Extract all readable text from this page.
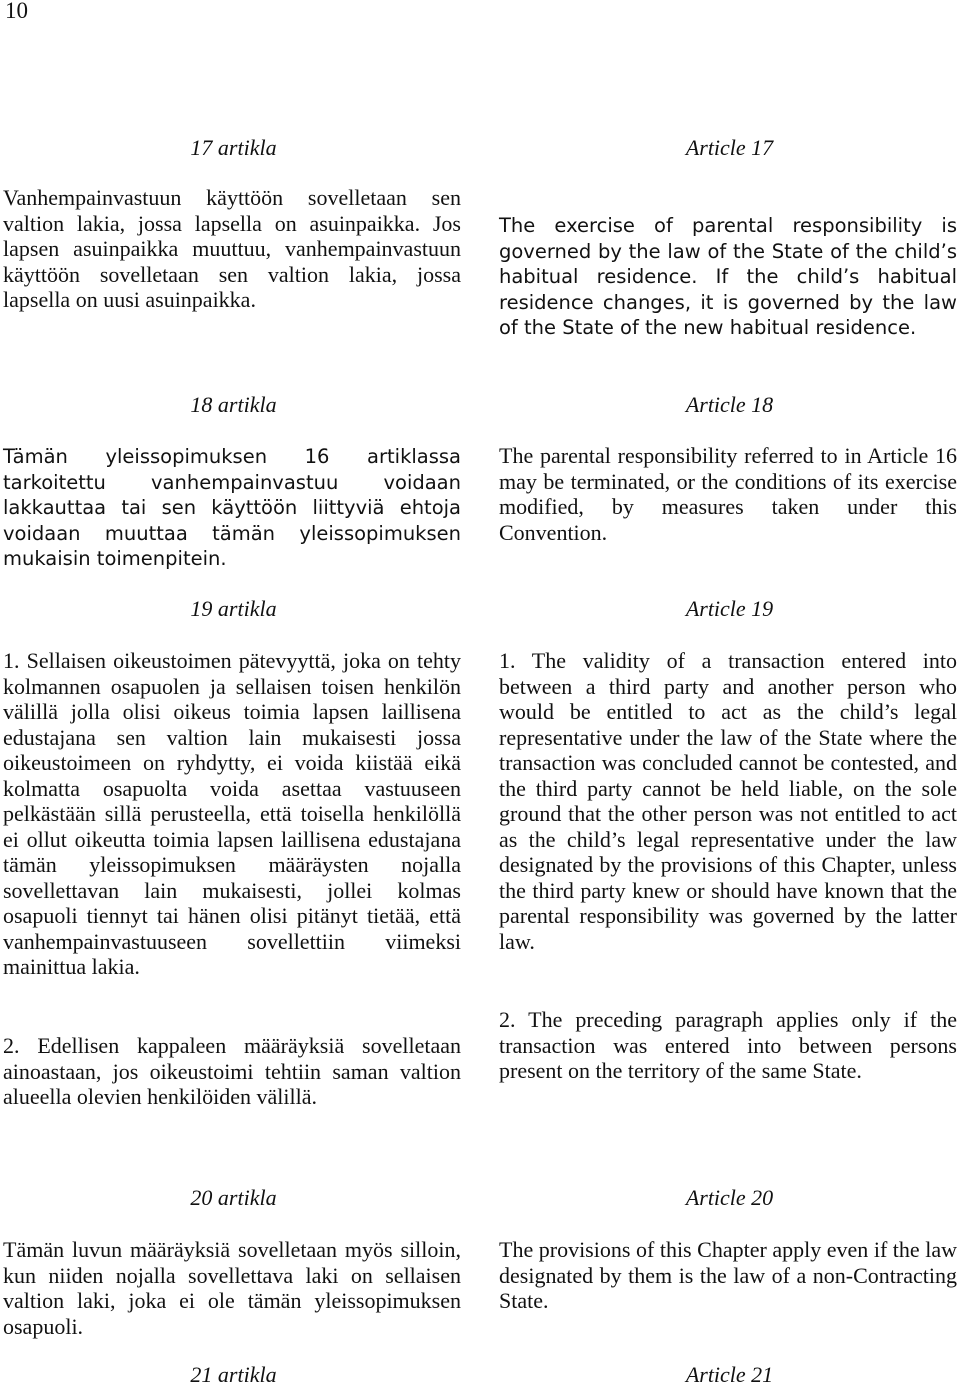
10
17 artikla

Vanhempainvastuun käyttöön sovelletaan sen valtion lakia, jossa lapsella on asuinpaikka. Jos lapsen asuinpaikka muuttuu, vanhempainvastuun käyttöön sovelletaan sen valtion lakia, jossa lapsella on uusi asuinpaikka.

Article 17

The exercise of parental responsibility is governed by the law of the State of the child’s habitual residence. If the child’s habitual residence changes, it is governed by the law of the State of the new habitual residence.

18 artikla

Tämän yleissopimuksen 16 artiklassa tarkoitettu vanhempainvastuu voidaan lakkauttaa tai sen käyttöön liittyviä ehtoja voidaan muuttaa tämän yleissopimuksen mukaisin toimenpitein.

Article 18

The parental responsibility referred to in Article 16 may be terminated, or the conditions of its exercise modified, by measures taken under this Convention.

19 artikla

1. Sellaisen oikeustoimen pätevyyttä, joka on tehty kolmannen osapuolen ja sellaisen toisen henkilön välillä jolla olisi oikeus toimia lapsen laillisena edustajana sen valtion lain mukaisesti jossa oikeustoimeen on ryhdytty, ei voida kiistää eikä kolmatta osapuolta voida asettaa vastuuseen pelkästään sillä perusteella, että toisella henkilöllä ei ollut oikeutta toimia lapsen laillisena edustajana tämän yleissopimuksen määräysten nojalla sovellettavan lain mukaisesti, jollei kolmas osapuoli tiennyt tai hänen olisi pitänyt tietää, että vanhempainvastuuseen sovellettiin viimeksi mainittua lakia.

2. Edellisen kappaleen määräyksiä sovelletaan ainoastaan, jos oikeustoimi tehtiin saman valtion alueella olevien henkilöiden välillä.

Article 19

1. The validity of a transaction entered into between a third party and another person who would be entitled to act as the child’s legal representative under the law of the State where the transaction was concluded cannot be contested, and the third party cannot be held liable, on the sole ground that the other person was not entitled to act as the child’s legal representative under the law designated by the provisions of this Chapter, unless the third party knew or should have known that the parental responsibility was governed by the latter law.

2. The preceding paragraph applies only if the transaction was entered into between persons present on the territory of the same State.

20 artikla

Tämän luvun määräyksiä sovelletaan myös silloin, kun niiden nojalla sovellettava laki on sellaisen valtion laki, joka ei ole tämän yleissopimuksen osapuoli.

Article 20

The provisions of this Chapter apply even if the law designated by them is the law of a non-Contracting State.

21 artikla	Article 21
